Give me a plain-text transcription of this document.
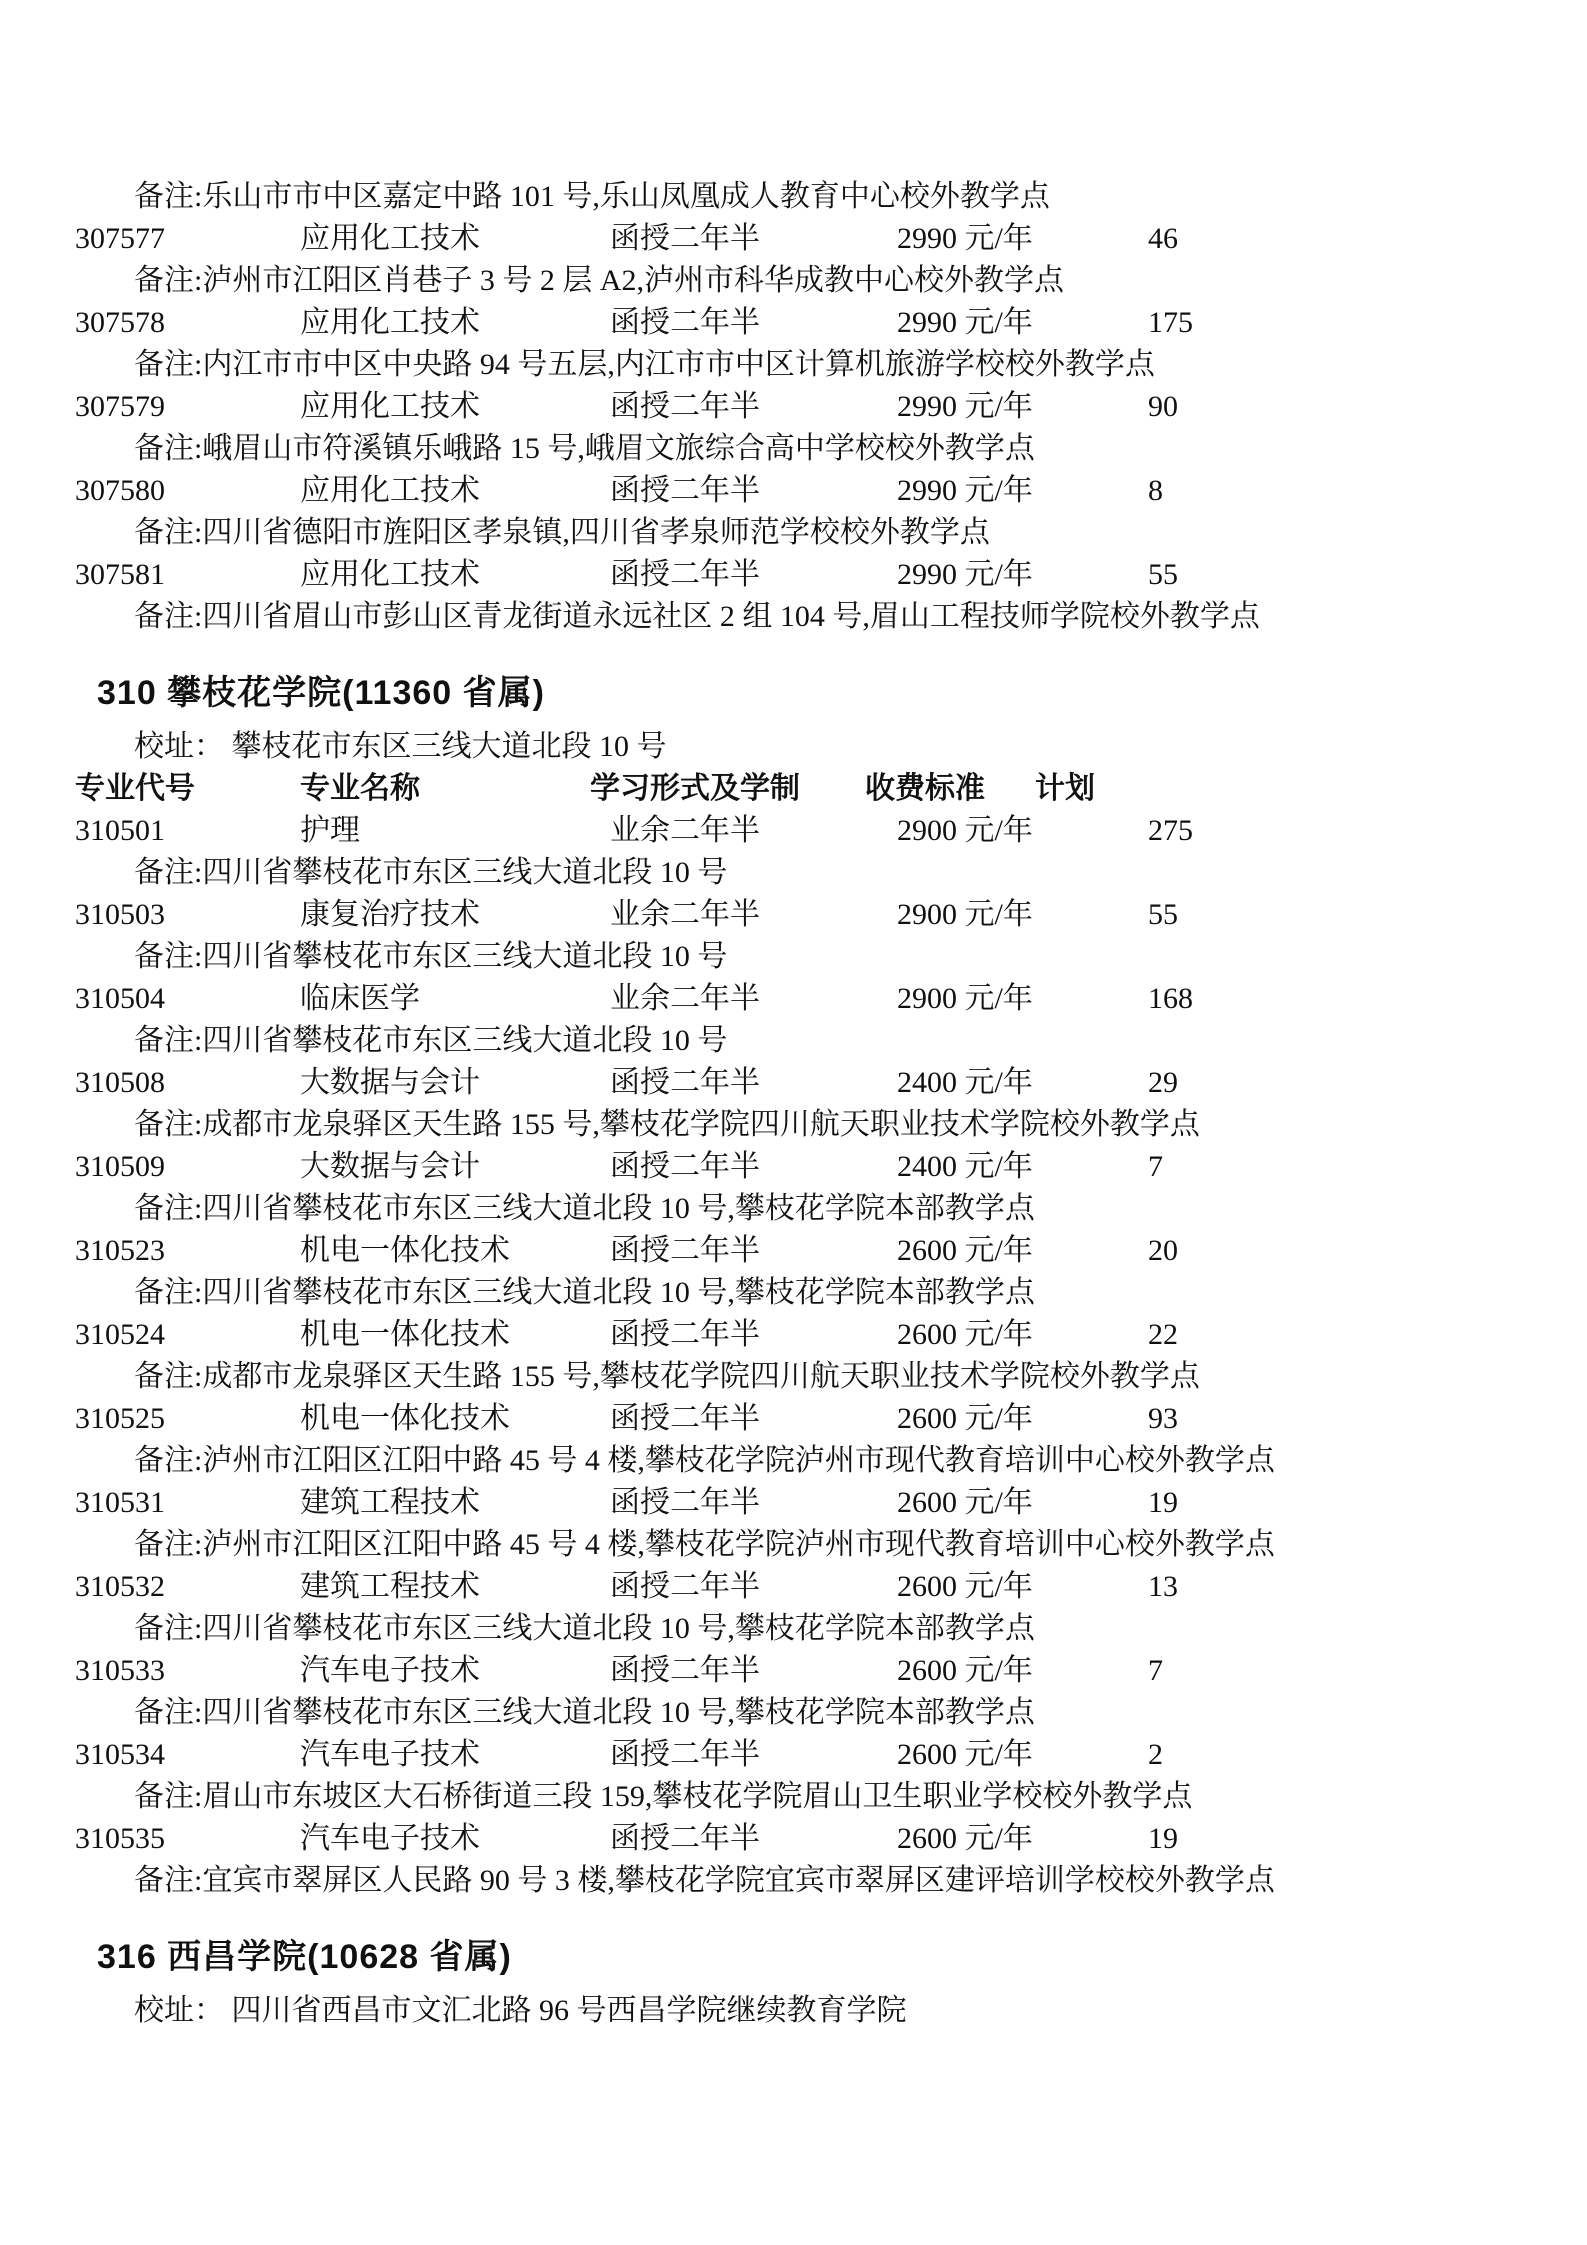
备注:乐山市市中区嘉定中路 101 号,乐山凤凰成人教育中心校外教学点
307577	应用化工技术	函授二年半	2990 元/年	46
备注:泸州市江阳区肖巷子 3 号 2 层 A2,泸州市科华成教中心校外教学点
307578	应用化工技术	函授二年半	2990 元/年	175
备注:内江市市中区中央路 94 号五层,内江市市中区计算机旅游学校校外教学点
307579	应用化工技术	函授二年半	2990 元/年	90
备注:峨眉山市符溪镇乐峨路 15 号,峨眉文旅综合高中学校校外教学点
307580	应用化工技术	函授二年半	2990 元/年	8
备注:四川省德阳市旌阳区孝泉镇,四川省孝泉师范学校校外教学点
307581	应用化工技术	函授二年半	2990 元/年	55
备注:四川省眉山市彭山区青龙街道永远社区 2 组 104 号,眉山工程技师学院校外教学点
310 攀枝花学院(11360 省属)
校址： 攀枝花市东区三线大道北段 10 号
专业代号	专业名称	学习形式及学制 收费标准 计划
310501	护理	业余二年半	2900 元/年	275
备注:四川省攀枝花市东区三线大道北段 10 号
310503	康复治疗技术	业余二年半	2900 元/年	55
备注:四川省攀枝花市东区三线大道北段 10 号
310504	临床医学	业余二年半	2900 元/年	168
备注:四川省攀枝花市东区三线大道北段 10 号
310508	大数据与会计	函授二年半	2400 元/年	29
备注:成都市龙泉驿区天生路 155 号,攀枝花学院四川航天职业技术学院校外教学点
310509	大数据与会计	函授二年半	2400 元/年	7
备注:四川省攀枝花市东区三线大道北段 10 号,攀枝花学院本部教学点
310523	机电一体化技术	函授二年半	2600 元/年	20
备注:四川省攀枝花市东区三线大道北段 10 号,攀枝花学院本部教学点
310524	机电一体化技术	函授二年半	2600 元/年	22
备注:成都市龙泉驿区天生路 155 号,攀枝花学院四川航天职业技术学院校外教学点
310525	机电一体化技术	函授二年半	2600 元/年	93
备注:泸州市江阳区江阳中路 45 号 4 楼,攀枝花学院泸州市现代教育培训中心校外教学点
310531	建筑工程技术	函授二年半	2600 元/年	19
备注:泸州市江阳区江阳中路 45 号 4 楼,攀枝花学院泸州市现代教育培训中心校外教学点
310532	建筑工程技术	函授二年半	2600 元/年	13
备注:四川省攀枝花市东区三线大道北段 10 号,攀枝花学院本部教学点
310533	汽车电子技术	函授二年半	2600 元/年	7
备注:四川省攀枝花市东区三线大道北段 10 号,攀枝花学院本部教学点
310534	汽车电子技术	函授二年半	2600 元/年	2
备注:眉山市东坡区大石桥街道三段 159,攀枝花学院眉山卫生职业学校校外教学点
310535	汽车电子技术	函授二年半	2600 元/年	19
备注:宜宾市翠屏区人民路 90 号 3 楼,攀枝花学院宜宾市翠屏区建评培训学校校外教学点
316 西昌学院(10628 省属)
校址： 四川省西昌市文汇北路 96 号西昌学院继续教育学院
